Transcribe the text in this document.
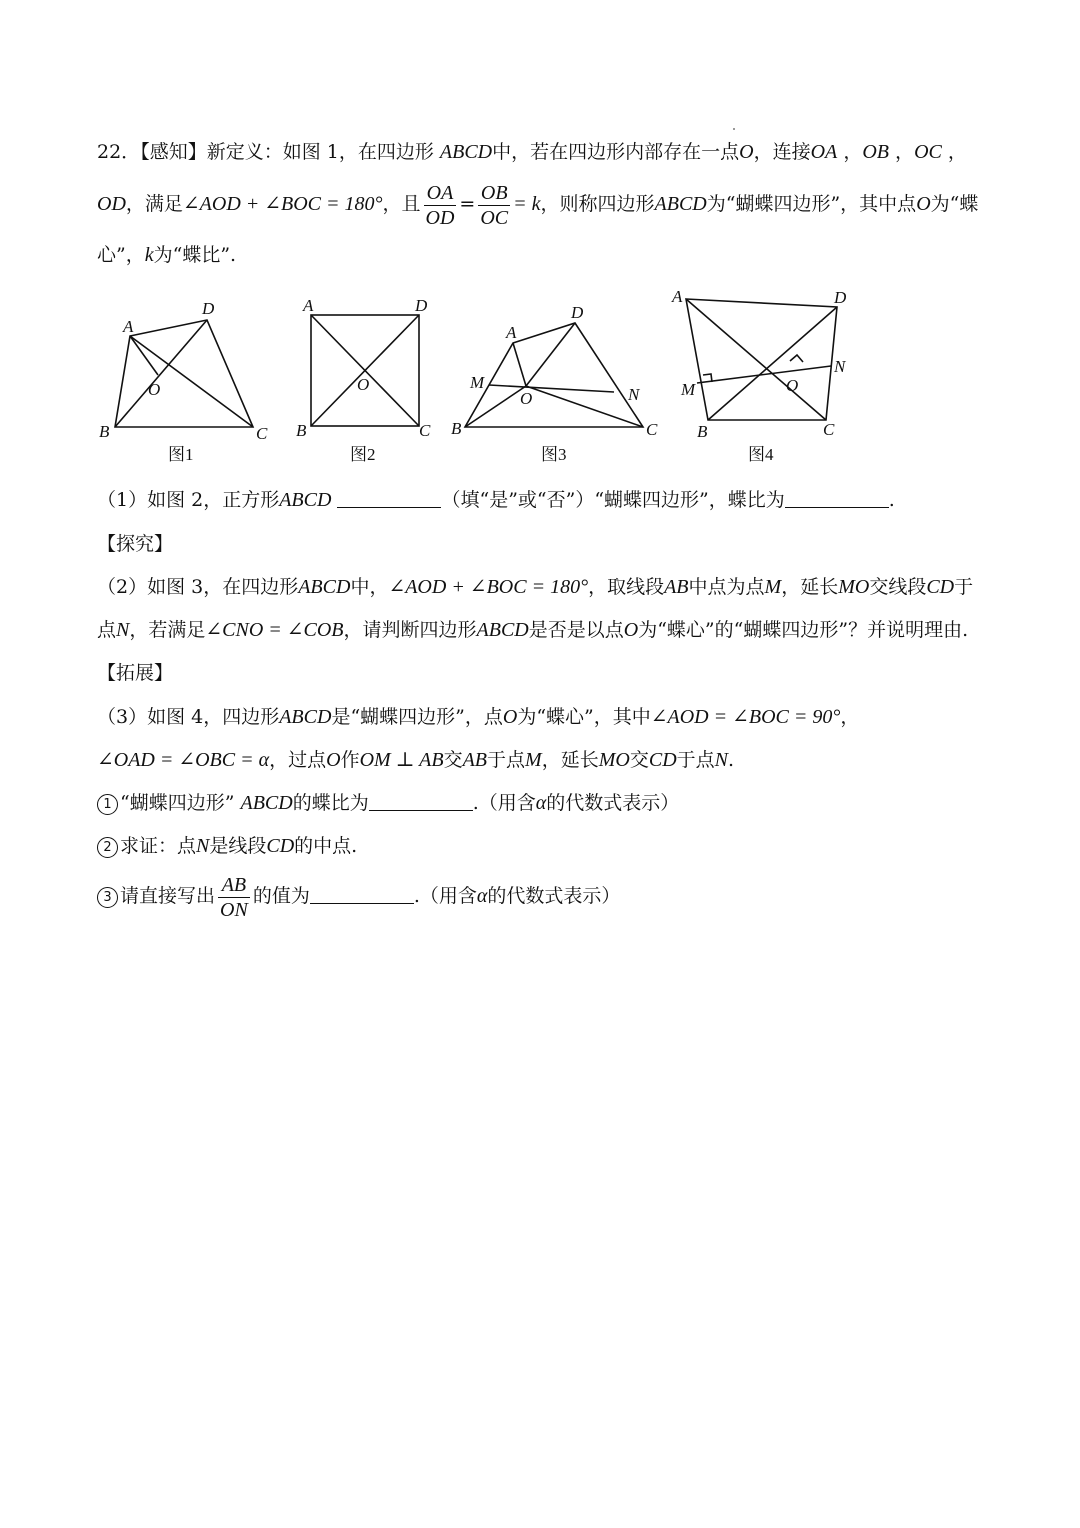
22．【感知】新定义：如图 1，在四边形 ABCD中，若在四边形内部存在一点O，连接OA ，OB ，OC ，
OD，满足∠AOD + ∠BOC = 180°，且 $\frac{OA}{OD} = \frac{OB}{OC} = k$，则称四边形ABCD为“蝴蝶四边形”，其中点O为“蝶
心”，k为“蝶比”.
A
D
O
B	C
A	D
O
B	C
A
D
M
O	N
B	C
A	D
M	O
N
B	C
图1	图2	图3	图4
（1）如图 2，正方形ABCD	（填“是”或“否”）“蝴蝶四边形”，蝶比为	.
【探究】
（2）如图 3，在四边形ABCD中，∠AOD + ∠BOC = 180°，取线段AB中点为点M，延长MO交线段CD于
点N，若满足∠CNO = ∠COB，请判断四边形ABCD是否是以点O为“蝶心”的“蝴蝶四边形”？并说明理由.
【拓展】
（3）如图 4，四边形ABCD是“蝴蝶四边形”，点O为“蝶心”，其中∠AOD = ∠BOC = 90°，
∠OAD = ∠OBC = α，过点O作OM ⊥ AB交AB于点M，延长MO交CD于点N.
1 “蝴蝶四边形” ABCD的蝶比为	.（用含α的代数式表示）
2 求证：点N是线段CD的中点.
3 请直接写出 $\frac{AB}{ON}$ 的值为	.（用含α的代数式表示）
